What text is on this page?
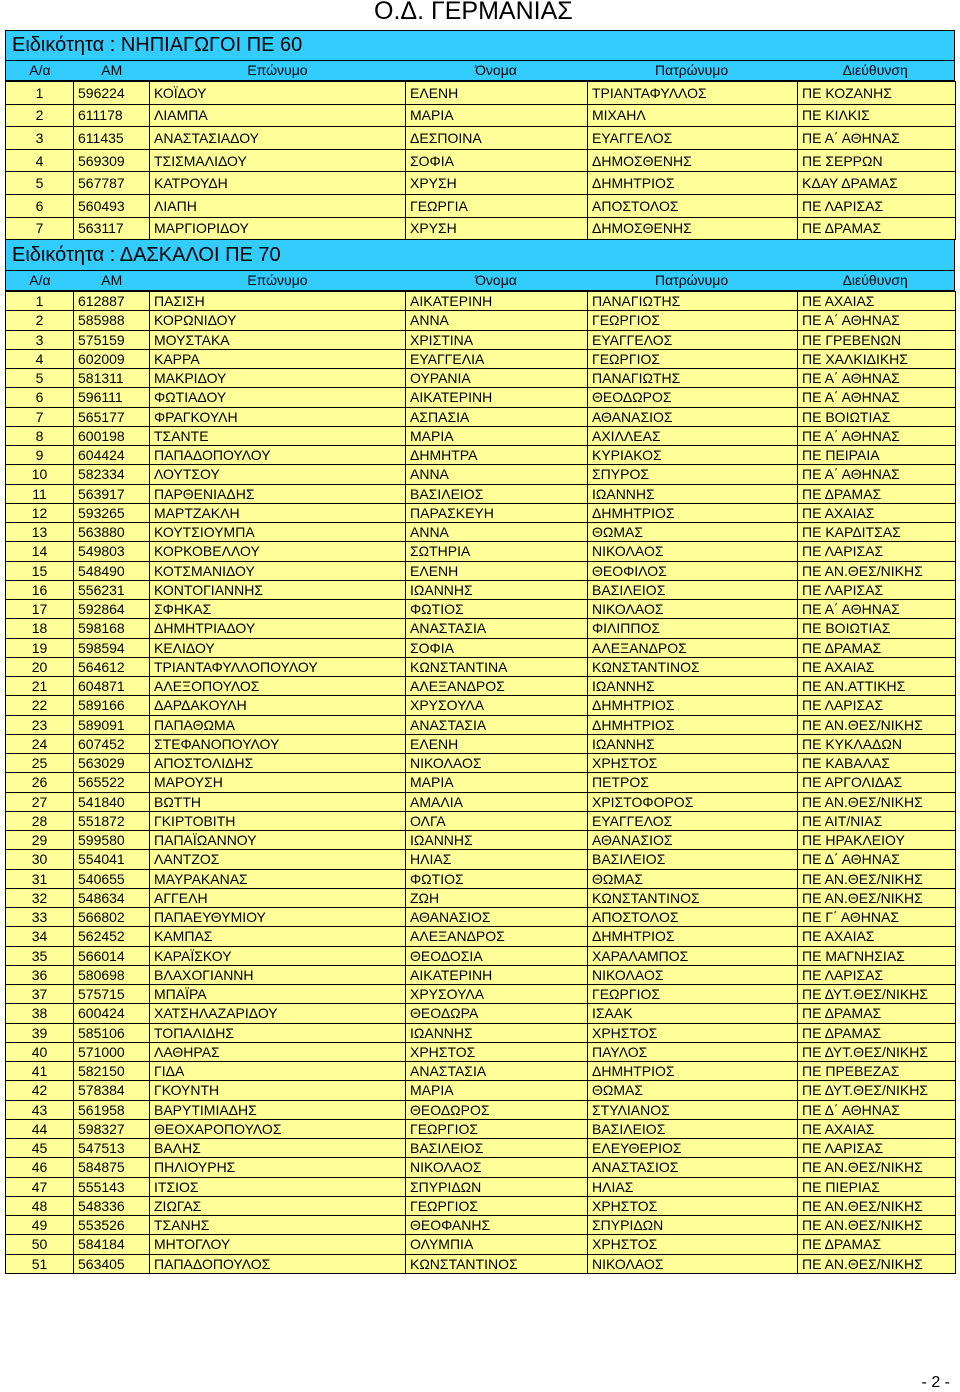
Ο.Δ. ΓΕΡΜΑΝΙΑΣ
Ειδικότητα : ΝΗΠΙΑΓΩΓΟΙ ΠΕ 60
Α/α	ΑΜ	Επώνυμο	Όνομα	Πατρώνυμο	Διεύθυνση
1	596224	ΚΟΪΔΟΥ	ΕΛΕΝΗ	ΤΡΙΑΝΤΑΦΥΛΛΟΣ	ΠΕ ΚΟΖΑΝΗΣ
2	611178	ΛΙΑΜΠΑ	ΜΑΡΙΑ	ΜΙΧΑΗΛ	ΠΕ ΚΙΛΚΙΣ
3	611435	ΑΝΑΣΤΑΣΙΑΔΟΥ	ΔΕΣΠΟΙΝΑ	ΕΥΑΓΓΕΛΟΣ	ΠΕ Α΄ ΑΘΗΝΑΣ
4	569309	ΤΣΙΣΜΑΛΙΔΟΥ	ΣΟΦΙΑ	ΔΗΜΟΣΘΕΝΗΣ	ΠΕ ΣΕΡΡΩΝ
5	567787	ΚΑΤΡΟΥΔΗ	ΧΡΥΣΗ	ΔΗΜΗΤΡΙΟΣ	ΚΔΑΥ ΔΡΑΜΑΣ
6	560493	ΛΙΑΠΗ	ΓΕΩΡΓΙΑ	ΑΠΟΣΤΟΛΟΣ	ΠΕ ΛΑΡΙΣΑΣ
7	563117	ΜΑΡΓΙΟΡΙΔΟΥ	ΧΡΥΣΗ	ΔΗΜΟΣΘΕΝΗΣ	ΠΕ ΔΡΑΜΑΣ
Ειδικότητα : ΔΑΣΚΑΛΟΙ ΠΕ 70
Α/α	ΑΜ	Επώνυμο	Όνομα	Πατρώνυμο	Διεύθυνση
1	612887	ΠΑΣΙΣΗ	ΑΙΚΑΤΕΡΙΝΗ	ΠΑΝΑΓΙΩΤΗΣ	ΠΕ ΑΧΑΙΑΣ
2	585988	ΚΟΡΩΝΙΔΟΥ	ΑΝΝΑ	ΓΕΩΡΓΙΟΣ	ΠΕ Α΄ ΑΘΗΝΑΣ
3	575159	ΜΟΥΣΤΑΚΑ	ΧΡΙΣΤΙΝΑ	ΕΥΑΓΓΕΛΟΣ	ΠΕ ΓΡΕΒΕΝΩΝ
4	602009	ΚΑΡΡΑ	ΕΥΑΓΓΕΛΙΑ	ΓΕΩΡΓΙΟΣ	ΠΕ ΧΑΛΚΙΔΙΚΗΣ
5	581311	ΜΑΚΡΙΔΟΥ	ΟΥΡΑΝΙΑ	ΠΑΝΑΓΙΩΤΗΣ	ΠΕ Α΄ ΑΘΗΝΑΣ
6	596111	ΦΩΤΙΑΔΟΥ	ΑΙΚΑΤΕΡΙΝΗ	ΘΕΟΔΩΡΟΣ	ΠΕ Α΄ ΑΘΗΝΑΣ
7	565177	ΦΡΑΓΚΟΥΛΗ	ΑΣΠΑΣΙΑ	ΑΘΑΝΑΣΙΟΣ	ΠΕ ΒΟΙΩΤΙΑΣ
8	600198	ΤΣΑΝΤΕ	ΜΑΡΙΑ	ΑΧΙΛΛΕΑΣ	ΠΕ Α΄ ΑΘΗΝΑΣ
9	604424	ΠΑΠΑΔΟΠΟΥΛΟΥ	ΔΗΜΗΤΡΑ	ΚΥΡΙΑΚΟΣ	ΠΕ ΠΕΙΡΑΙΑ
10	582334	ΛΟΥΤΣΟΥ	ΑΝΝΑ	ΣΠΥΡΟΣ	ΠΕ Α΄ ΑΘΗΝΑΣ
11	563917	ΠΑΡΘΕΝΙΑΔΗΣ	ΒΑΣΙΛΕΙΟΣ	ΙΩΑΝΝΗΣ	ΠΕ ΔΡΑΜΑΣ
12	593265	ΜΑΡΤΖΑΚΛΗ	ΠΑΡΑΣΚΕΥΗ	ΔΗΜΗΤΡΙΟΣ	ΠΕ ΑΧΑΙΑΣ
13	563880	ΚΟΥΤΣΙΟΥΜΠΑ	ΑΝΝΑ	ΘΩΜΑΣ	ΠΕ ΚΑΡΔΙΤΣΑΣ
14	549803	ΚΟΡΚΟΒΕΛΛΟΥ	ΣΩΤΗΡΙΑ	ΝΙΚΟΛΑΟΣ	ΠΕ ΛΑΡΙΣΑΣ
15	548490	ΚΟΤΣΜΑΝΙΔΟΥ	ΕΛΕΝΗ	ΘΕΟΦΙΛΟΣ	ΠΕ ΑΝ.ΘΕΣ/ΝΙΚΗΣ
16	556231	ΚΟΝΤΟΓΙΑΝΝΗΣ	ΙΩΑΝΝΗΣ	ΒΑΣΙΛΕΙΟΣ	ΠΕ ΛΑΡΙΣΑΣ
17	592864	ΣΦΗΚΑΣ	ΦΩΤΙΟΣ	ΝΙΚΟΛΑΟΣ	ΠΕ Α΄ ΑΘΗΝΑΣ
18	598168	ΔΗΜΗΤΡΙΑΔΟΥ	ΑΝΑΣΤΑΣΙΑ	ΦΙΛΙΠΠΟΣ	ΠΕ ΒΟΙΩΤΙΑΣ
19	598594	ΚΕΛΙΔΟΥ	ΣΟΦΙΑ	ΑΛΕΞΑΝΔΡΟΣ	ΠΕ ΔΡΑΜΑΣ
20	564612	ΤΡΙΑΝΤΑΦΥΛΛΟΠΟΥΛΟΥ	ΚΩΝΣΤΑΝΤΙΝΑ	ΚΩΝΣΤΑΝΤΙΝΟΣ	ΠΕ ΑΧΑΙΑΣ
21	604871	ΑΛΕΞΟΠΟΥΛΟΣ	ΑΛΕΞΑΝΔΡΟΣ	ΙΩΑΝΝΗΣ	ΠΕ ΑΝ.ΑΤΤΙΚΗΣ
22	589166	ΔΑΡΔΑΚΟΥΛΗ	ΧΡΥΣΟΥΛΑ	ΔΗΜΗΤΡΙΟΣ	ΠΕ ΛΑΡΙΣΑΣ
23	589091	ΠΑΠΑΘΩΜΑ	ΑΝΑΣΤΑΣΙΑ	ΔΗΜΗΤΡΙΟΣ	ΠΕ ΑΝ.ΘΕΣ/ΝΙΚΗΣ
24	607452	ΣΤΕΦΑΝΟΠΟΥΛΟΥ	ΕΛΕΝΗ	ΙΩΑΝΝΗΣ	ΠΕ ΚΥΚΛΑΔΩΝ
25	563029	ΑΠΟΣΤΟΛΙΔΗΣ	ΝΙΚΟΛΑΟΣ	ΧΡΗΣΤΟΣ	ΠΕ ΚΑΒΑΛΑΣ
26	565522	ΜΑΡΟΥΣΗ	ΜΑΡΙΑ	ΠΕΤΡΟΣ	ΠΕ ΑΡΓΟΛΙΔΑΣ
27	541840	ΒΩΤΤΗ	ΑΜΑΛΙΑ	ΧΡΙΣΤΟΦΟΡΟΣ	ΠΕ ΑΝ.ΘΕΣ/ΝΙΚΗΣ
28	551872	ΓΚΙΡΤΟΒΙΤΗ	ΟΛΓΑ	ΕΥΑΓΓΕΛΟΣ	ΠΕ ΑΙΤ/ΝΙΑΣ
29	599580	ΠΑΠΑΪΩΑΝΝΟΥ	ΙΩΑΝΝΗΣ	ΑΘΑΝΑΣΙΟΣ	ΠΕ ΗΡΑΚΛΕΙΟΥ
30	554041	ΛΑΝΤΖΟΣ	ΗΛΙΑΣ	ΒΑΣΙΛΕΙΟΣ	ΠΕ Δ΄ ΑΘΗΝΑΣ
31	540655	ΜΑΥΡΑΚΑΝΑΣ	ΦΩΤΙΟΣ	ΘΩΜΑΣ	ΠΕ ΑΝ.ΘΕΣ/ΝΙΚΗΣ
32	548634	ΑΓΓΕΛΗ	ΖΩΗ	ΚΩΝΣΤΑΝΤΙΝΟΣ	ΠΕ ΑΝ.ΘΕΣ/ΝΙΚΗΣ
33	566802	ΠΑΠΑΕΥΘΥΜΙΟΥ	ΑΘΑΝΑΣΙΟΣ	ΑΠΟΣΤΟΛΟΣ	ΠΕ Γ΄ ΑΘΗΝΑΣ
34	562452	ΚΑΜΠΑΣ	ΑΛΕΞΑΝΔΡΟΣ	ΔΗΜΗΤΡΙΟΣ	ΠΕ ΑΧΑΙΑΣ
35	566014	ΚΑΡΑΪΣΚΟΥ	ΘΕΟΔΟΣΙΑ	ΧΑΡΑΛΑΜΠΟΣ	ΠΕ ΜΑΓΝΗΣΙΑΣ
36	580698	ΒΛΑΧΟΓΙΑΝΝΗ	ΑΙΚΑΤΕΡΙΝΗ	ΝΙΚΟΛΑΟΣ	ΠΕ ΛΑΡΙΣΑΣ
37	575715	ΜΠΑΪΡΑ	ΧΡΥΣΟΥΛΑ	ΓΕΩΡΓΙΟΣ	ΠΕ ΔΥΤ.ΘΕΣ/ΝΙΚΗΣ
38	600424	ΧΑΤΣΗΛΑΖΑΡΙΔΟΥ	ΘΕΟΔΩΡΑ	ΙΣΑΑΚ	ΠΕ ΔΡΑΜΑΣ
39	585106	ΤΟΠΑΛΙΔΗΣ	ΙΩΑΝΝΗΣ	ΧΡΗΣΤΟΣ	ΠΕ ΔΡΑΜΑΣ
40	571000	ΛΑΘΗΡΑΣ	ΧΡΗΣΤΟΣ	ΠΑΥΛΟΣ	ΠΕ ΔΥΤ.ΘΕΣ/ΝΙΚΗΣ
41	582150	ΓΙΔΑ	ΑΝΑΣΤΑΣΙΑ	ΔΗΜΗΤΡΙΟΣ	ΠΕ ΠΡΕΒΕΖΑΣ
42	578384	ΓΚΟΥΝΤΗ	ΜΑΡΙΑ	ΘΩΜΑΣ	ΠΕ ΔΥΤ.ΘΕΣ/ΝΙΚΗΣ
43	561958	ΒΑΡΥΤΙΜΙΑΔΗΣ	ΘΕΟΔΩΡΟΣ	ΣΤΥΛΙΑΝΟΣ	ΠΕ Δ΄ ΑΘΗΝΑΣ
44	598327	ΘΕΟΧΑΡΟΠΟΥΛΟΣ	ΓΕΩΡΓΙΟΣ	ΒΑΣΙΛΕΙΟΣ	ΠΕ ΑΧΑΙΑΣ
45	547513	ΒΑΛΗΣ	ΒΑΣΙΛΕΙΟΣ	ΕΛΕΥΘΕΡΙΟΣ	ΠΕ ΛΑΡΙΣΑΣ
46	584875	ΠΗΛΙΟΥΡΗΣ	ΝΙΚΟΛΑΟΣ	ΑΝΑΣΤΑΣΙΟΣ	ΠΕ ΑΝ.ΘΕΣ/ΝΙΚΗΣ
47	555143	ΙΤΣΙΟΣ	ΣΠΥΡΙΔΩΝ	ΗΛΙΑΣ	ΠΕ ΠΙΕΡΙΑΣ
48	548336	ΖΙΩΓΑΣ	ΓΕΩΡΓΙΟΣ	ΧΡΗΣΤΟΣ	ΠΕ ΑΝ.ΘΕΣ/ΝΙΚΗΣ
49	553526	ΤΣΑΝΗΣ	ΘΕΟΦΑΝΗΣ	ΣΠΥΡΙΔΩΝ	ΠΕ ΑΝ.ΘΕΣ/ΝΙΚΗΣ
50	584184	ΜΗΤΟΓΛΟΥ	ΟΛΥΜΠΙΑ	ΧΡΗΣΤΟΣ	ΠΕ ΔΡΑΜΑΣ
51	563405	ΠΑΠΑΔΟΠΟΥΛΟΣ	ΚΩΝΣΤΑΝΤΙΝΟΣ	ΝΙΚΟΛΑΟΣ	ΠΕ ΑΝ.ΘΕΣ/ΝΙΚΗΣ
- 2 -
